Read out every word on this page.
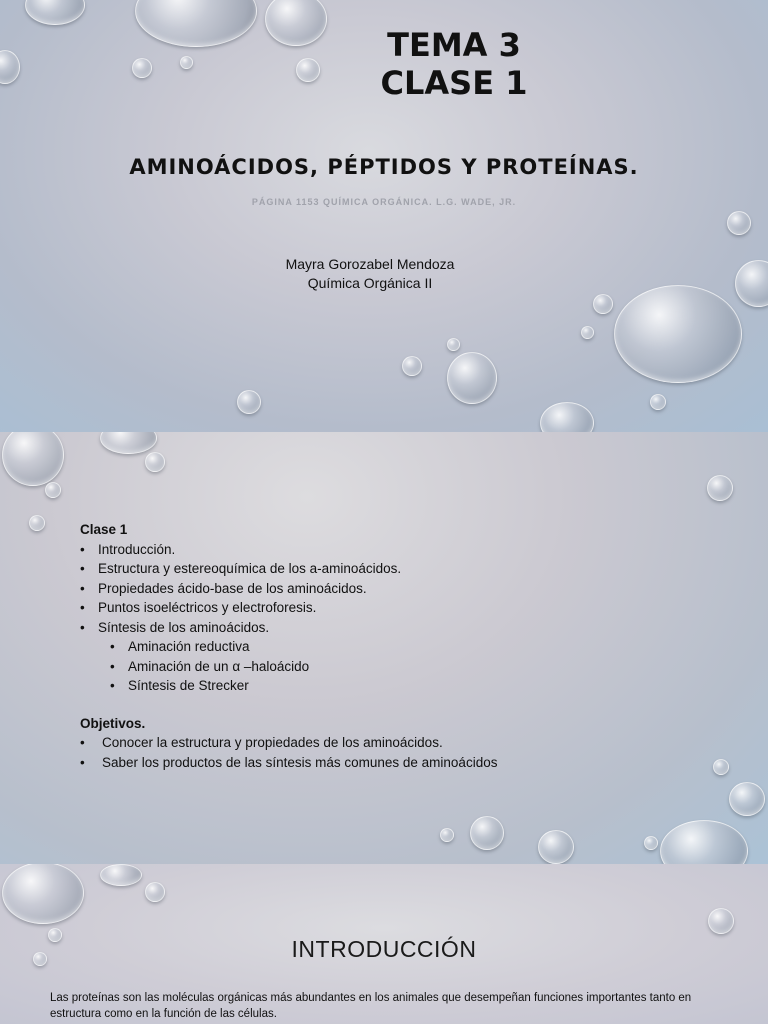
TEMA 3
CLASE 1
AMINOÁCIDOS, PÉPTIDOS Y PROTEÍNAS.
PÁGINA 1153 QUÍMICA ORGÁNICA. L.G. WADE, JR.
Mayra Gorozabel Mendoza
Química Orgánica II
Clase 1
• Introducción.
• Estructura y estereoquímica de los a-aminoácidos.
• Propiedades ácido-base de los aminoácidos.
• Puntos isoeléctricos y electroforesis.
• Síntesis de los aminoácidos.
• Aminación reductiva
• Aminación de un α –haloácido
• Síntesis de Strecker
Objetivos.
• Conocer la estructura y propiedades de los aminoácidos.
• Saber los productos de las síntesis más comunes de aminoácidos
INTRODUCCIÓN
Las proteínas son las moléculas orgánicas más abundantes en los animales que desempeñan funciones importantes tanto en estructura como en la función de las células.
